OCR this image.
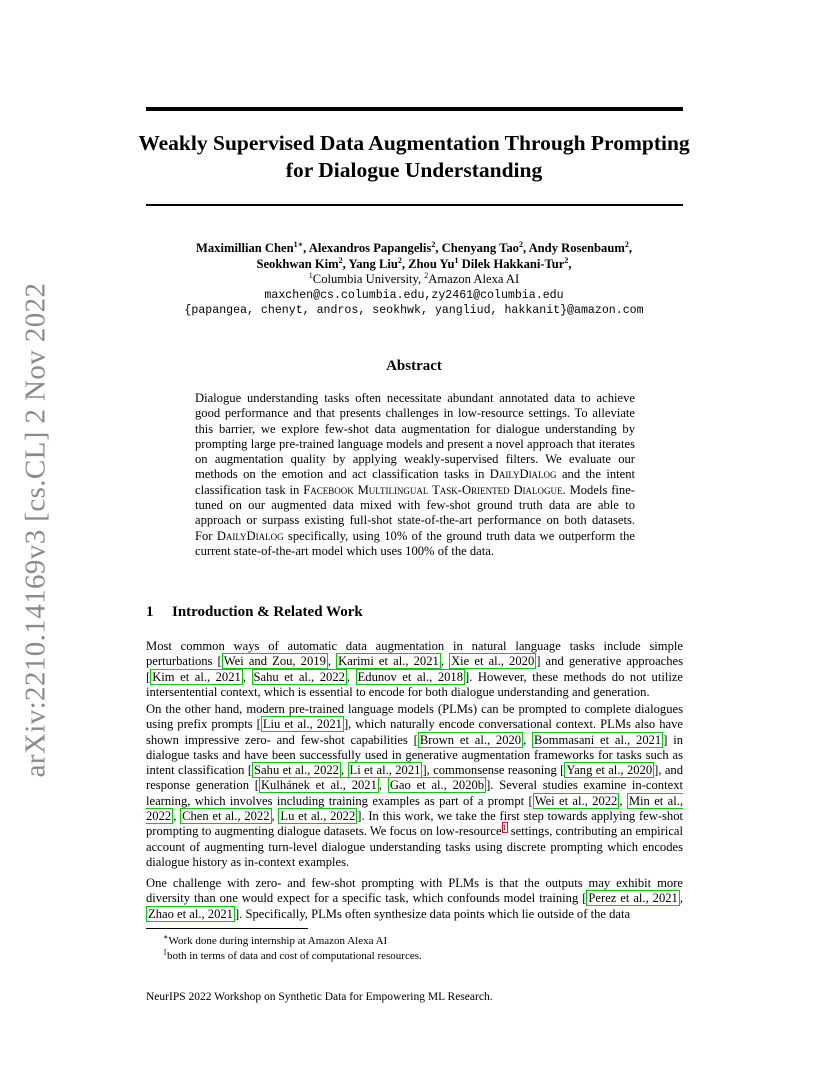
arXiv:2210.14169v3 [cs.CL] 2 Nov 2022
Weakly Supervised Data Augmentation Through Prompting for Dialogue Understanding
Maximillian Chen$^{1∗}$, Alexandros Papangelis$^2$, Chenyang Tao$^2$, Andy Rosenbaum$^2$,
Seokhwan Kim$^2$, Yang Liu$^2$, Zhou Yu$^1$ Dilek Hakkani-Tur$^2$,
$^1$Columbia University, $^2$Amazon Alexa AI
maxchen@cs.columbia.edu,zy2461@columbia.edu
{papangea, chenyt, andros, seokhwk, yangliud, hakkanit}@amazon.com
Abstract
Dialogue understanding tasks often necessitate abundant annotated data to achieve good performance and that presents challenges in low-resource settings. To alleviate this barrier, we explore few-shot data augmentation for dialogue understanding by prompting large pre-trained language models and present a novel approach that iterates on augmentation quality by applying weakly-supervised filters. We evaluate our methods on the emotion and act classification tasks in DailyDialog and the intent classification task in Facebook Multilingual Task-Oriented Dialogue. Models fine-tuned on our augmented data mixed with few-shot ground truth data are able to approach or surpass existing full-shot state-of-the-art performance on both datasets. For DailyDialog specifically, using 10% of the ground truth data we outperform the current state-of-the-art model which uses 100% of the data.
1 Introduction & Related Work
Most common ways of automatic data augmentation in natural language tasks include simple perturbations [ Wei and Zou, 2019 , Karimi et al., 2021 , Xie et al., 2020 ] and generative approaches [ Kim et al., 2021 , Sahu et al., 2022 , Edunov et al., 2018 ]. However, these methods do not utilize intersentential context, which is essential to encode for both dialogue understanding and generation.
On the other hand, modern pre-trained language models (PLMs) can be prompted to complete dialogues using prefix prompts [ Liu et al., 2021 ], which naturally encode conversational context. PLMs also have shown impressive zero- and few-shot capabilities [ Brown et al., 2020 , Bommasani et al., 2021 ] in dialogue tasks and have been successfully used in generative augmentation frameworks for tasks such as intent classification [ Sahu et al., 2022 , Li et al., 2021 ], commonsense reasoning [ Yang et al., 2020 ], and response generation [ Kulhánek et al., 2021 , Gao et al., 2020b ]. Several studies examine in-context learning, which involves including training examples as part of a prompt [ Wei et al., 2022 , Min et al., 2022 , Chen et al., 2022 , Lu et al., 2022 ]. In this work, we take the first step towards applying few-shot prompting to augmenting dialogue datasets. We focus on low-resource$^1$ settings, contributing an empirical account of augmenting turn-level dialogue understanding tasks using discrete prompting which encodes dialogue history as in-context examples.
One challenge with zero- and few-shot prompting with PLMs is that the outputs may exhibit more diversity than one would expect for a specific task, which confounds model training [ Perez et al., 2021 , Zhao et al., 2021 ]. Specifically, PLMs often synthesize data points which lie outside of the data
∗Work done during internship at Amazon Alexa AI
$^1$both in terms of data and cost of computational resources.
NeurIPS 2022 Workshop on Synthetic Data for Empowering ML Research.
